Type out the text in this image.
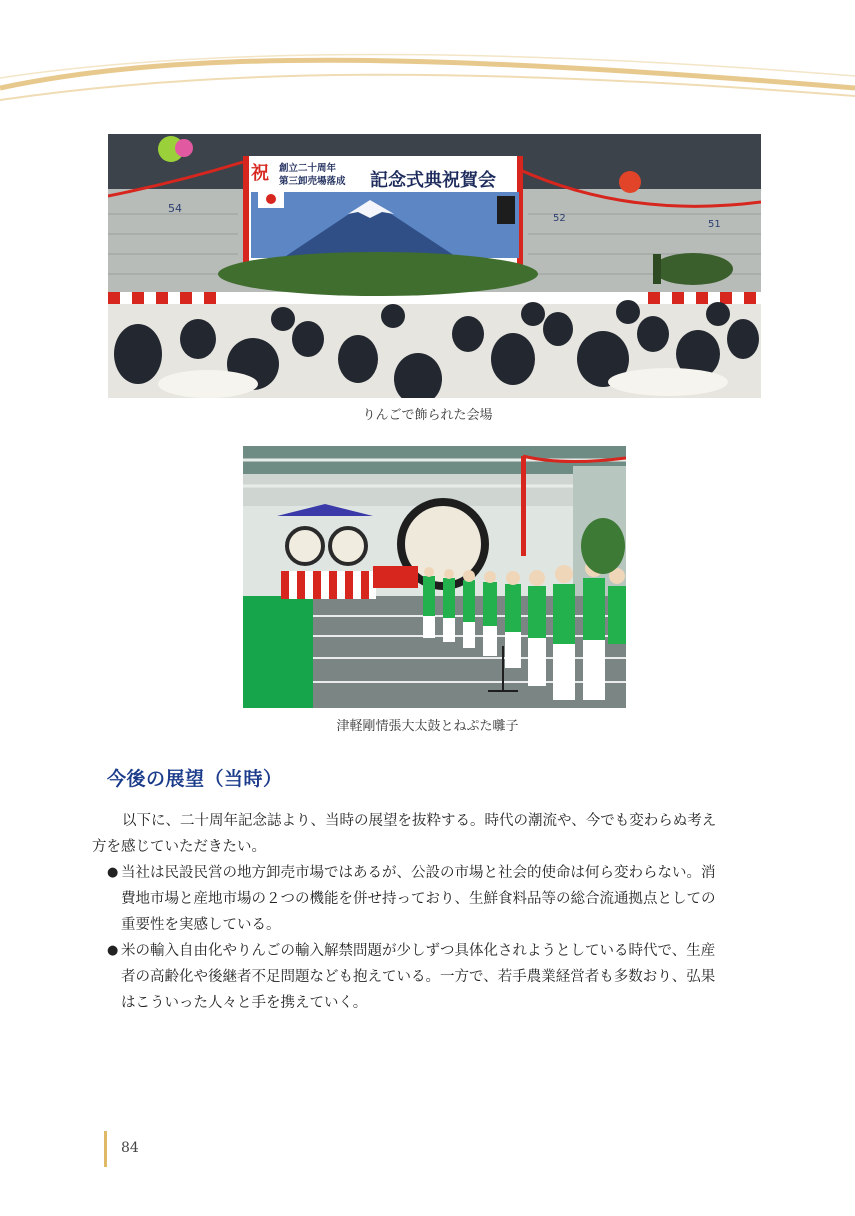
54
52
51
祝 創立二十周年
第三卸売場落成 記念式典祝賀会
りんごで飾られた会場
津軽剛情張大太鼓とねぷた囃子
今後の展望（当時）

以下に、二十周年記念誌より、当時の展望を抜粋する。時代の潮流や、今でも変わらぬ考え
方を感じていただきたい。

● 当社は民設民営の地方卸売市場ではあるが、公設の市場と社会的使命は何ら変わらない。消
費地市場と産地市場の２つの機能を併せ持っており、生鮮食料品等の総合流通拠点としての
重要性を実感している。
● 米の輸入自由化やりんごの輸入解禁問題が少しずつ具体化されようとしている時代で、生産
者の高齢化や後継者不足問題なども抱えている。一方で、若手農業経営者も多数おり、弘果
はこういった人々と手を携えていく。
84
